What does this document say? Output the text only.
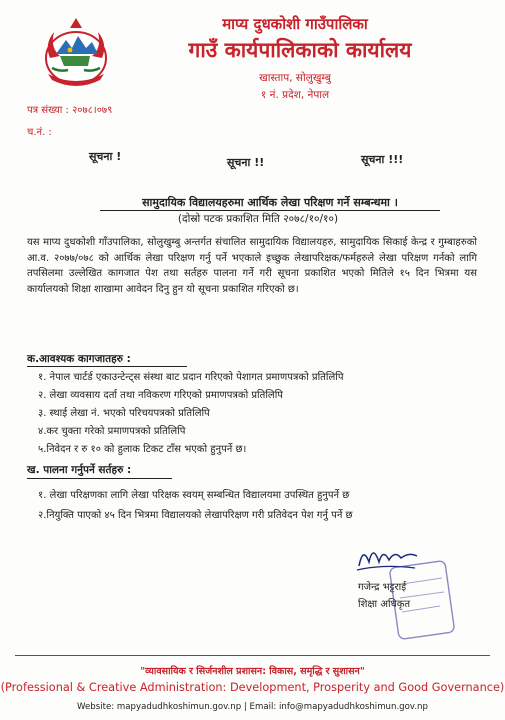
माप्य दुधकोशी गाउँपालिका
गाउँ कार्यपालिकाको कार्यालय
खास्ताप, सोलुखुम्बु
१ नं. प्रदेश, नेपाल
पत्र संख्या : २०७८।०७९
च.नं. :
सूचना !	सूचना !!	सूचना !!!
सामुदायिक विद्यालयहरुमा आर्थिक लेखा परिक्षण गर्ने सम्बन्धमा ।
(दोस्रो पटक प्रकाशित मिति २०७८/१०/१०)
यस माप्य दुधकोशी गाँउपालिका, सोलुखुम्बु अन्तर्गत संचालित सामुदायिक विद्यालयहरु, सामुदायिक सिकाई केन्द्र र गुम्बाहरुको आ.व. २०७७/०७८ को आर्थिक लेखा परिक्षण गर्नु पर्ने भएकाले इच्छुक लेखापरिक्षक/फर्महरुले लेखा परिक्षण गर्नको लागि तपसिलमा उल्लेखित कागजात पेश तथा सर्तहरु पालना गर्ने गरी सूचना प्रकाशित भएको मितिले १५ दिन भित्रमा यस कार्यालयको शिक्षा शाखामा आवेदन दिनु हुन यो सूचना प्रकाशित गरिएको छ।
क.आवश्यक कागजातहरु :
१. नेपाल चार्टर्ड एकाउन्टेन्ट्स संस्था बाट प्रदान गरिएको पेशागत प्रमाणपत्रको प्रतिलिपि
२. लेखा व्यवसाय दर्ता तथा नविकरण गरिएको प्रमाणपत्रको प्रतिलिपि
३. स्थाई लेखा नं. भएको परिचयपत्रको प्रतिलिपि
४.कर चुक्ता गरेको प्रमाणपत्रको प्रतिलिपि
५.निवेदन र रु १० को हुलाक टिकट टाँस भएको हुनुपर्ने छ।
ख. पालना गर्नुपर्ने सर्तहरु :
१. लेखा परिक्षणका लागि लेखा परिक्षक स्वयम् सम्बन्धित विद्यालयमा उपस्थित हुनुपर्ने छ
२.नियुक्ति पाएको ४५ दिन भित्रमा विद्यालयको लेखापरिक्षण गरी प्रतिवेदन पेश गर्नु पर्ने छ
गजेन्द्र भट्टराई
शिक्षा अधिकृत
"व्यावसायिक र सिर्जनशील प्रशासन: विकास, समृद्धि र सुशासन"
(Professional & Creative Administration: Development, Prosperity and Good Governance)
Website: mapyadudhkoshimun.gov.np | Email: info@mapyadudhkoshimun.gov.np
